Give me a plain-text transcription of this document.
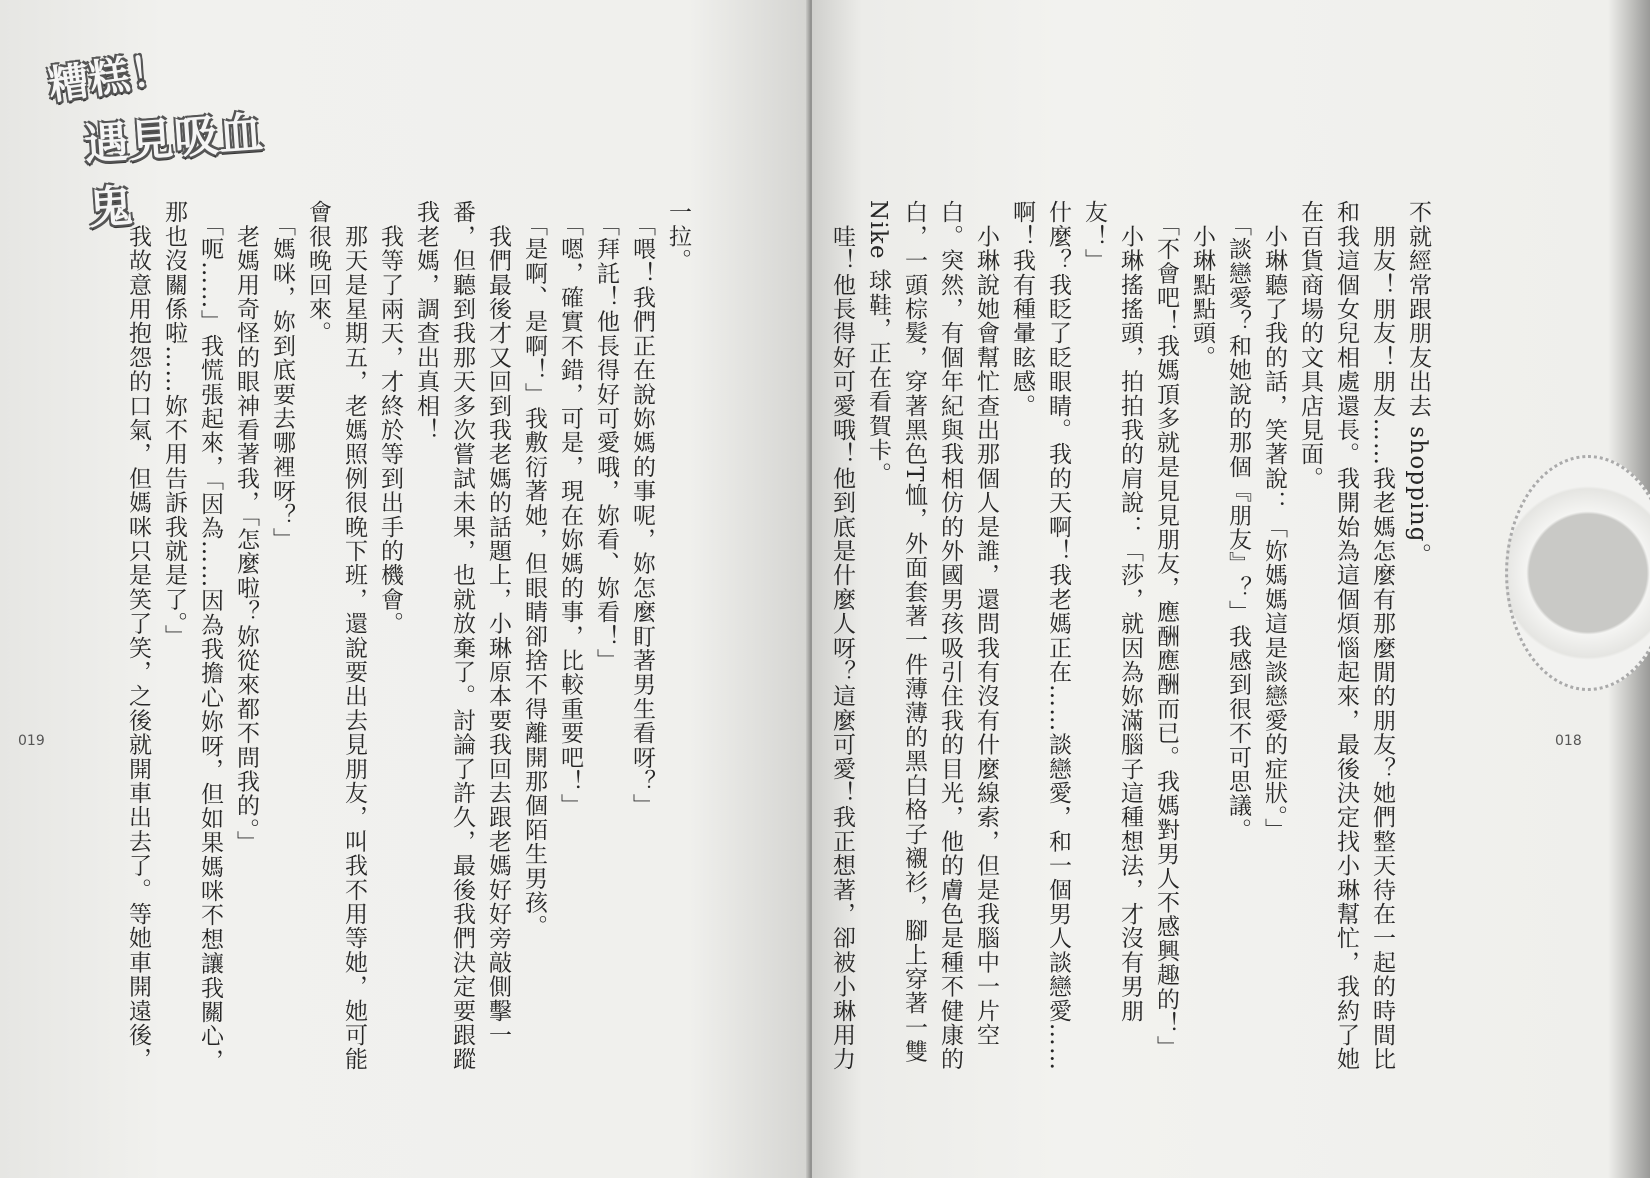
糟糕！
遇見吸血鬼	一拉。

　「喂！我們正在說妳媽的事呢，妳怎麼盯著男生看呀？」

　「拜託！他長得好可愛哦，妳看、妳看！」

　「嗯，確實不錯，可是，現在妳媽的事，比較重要吧！」

　「是啊、是啊！」我敷衍著她，但眼睛卻捨不得離開那個陌生男孩。

　我們最後才又回到我老媽的話題上，小琳原本要我回去跟老媽好好旁敲側擊一番，但聽到我那天多次嘗試未果，也就放棄了。討論了許久，最後我們決定要跟蹤我老媽，調查出真相！

　我等了兩天，才終於等到出手的機會。

　那天是星期五，老媽照例很晚下班，還說要出去見朋友，叫我不用等她，她可能會很晚回來。

　「媽咪，妳到底要去哪裡呀？」

　老媽用奇怪的眼神看著我，「怎麼啦？妳從來都不問我的。」

　「呃……」我慌張起來，「因為……因為我擔心妳呀，但如果媽咪不想讓我關心，那也沒關係啦……妳不用告訴我就是了。」

　我故意用抱怨的口氣，但媽咪只是笑了笑，之後就開車出去了。等她車開遠後，

019

不就經常跟朋友出去 shopping。

　朋友！朋友！朋友……我老媽怎麼有那麼閒的朋友？她們整天待在一起的時間比和我這個女兒相處還長。我開始為這個煩惱起來，最後決定找小琳幫忙，我約了她在百貨商場的文具店見面。

　小琳聽了我的話，笑著說：「妳媽媽這是談戀愛的症狀。」

　「談戀愛？和她說的那個『朋友』？」我感到很不可思議。

　小琳點點頭。

　「不會吧！我媽頂多就是見見朋友，應酬應酬而已。我媽對男人不感興趣的！」

　小琳搖搖頭，拍拍我的肩說：「莎，就因為妳滿腦子這種想法，才沒有男朋友！」

什麼？我眨了眨眼睛。我的天啊！我老媽正在……談戀愛，和一個男人談戀愛……啊！我有種暈眩感。

　小琳說她會幫忙查出那個人是誰，還問我有沒有什麼線索，但是我腦中一片空白。突然，有個年紀與我相仿的外國男孩吸引住我的目光，他的膚色是種不健康的白，一頭棕髮，穿著黑色T恤，外面套著一件薄薄的黑白格子襯衫，腳上穿著一雙 Nike 球鞋，正在看賀卡。

　哇！他長得好可愛哦！他到底是什麼人呀？這麼可愛！我正想著，卻被小琳用力	018
